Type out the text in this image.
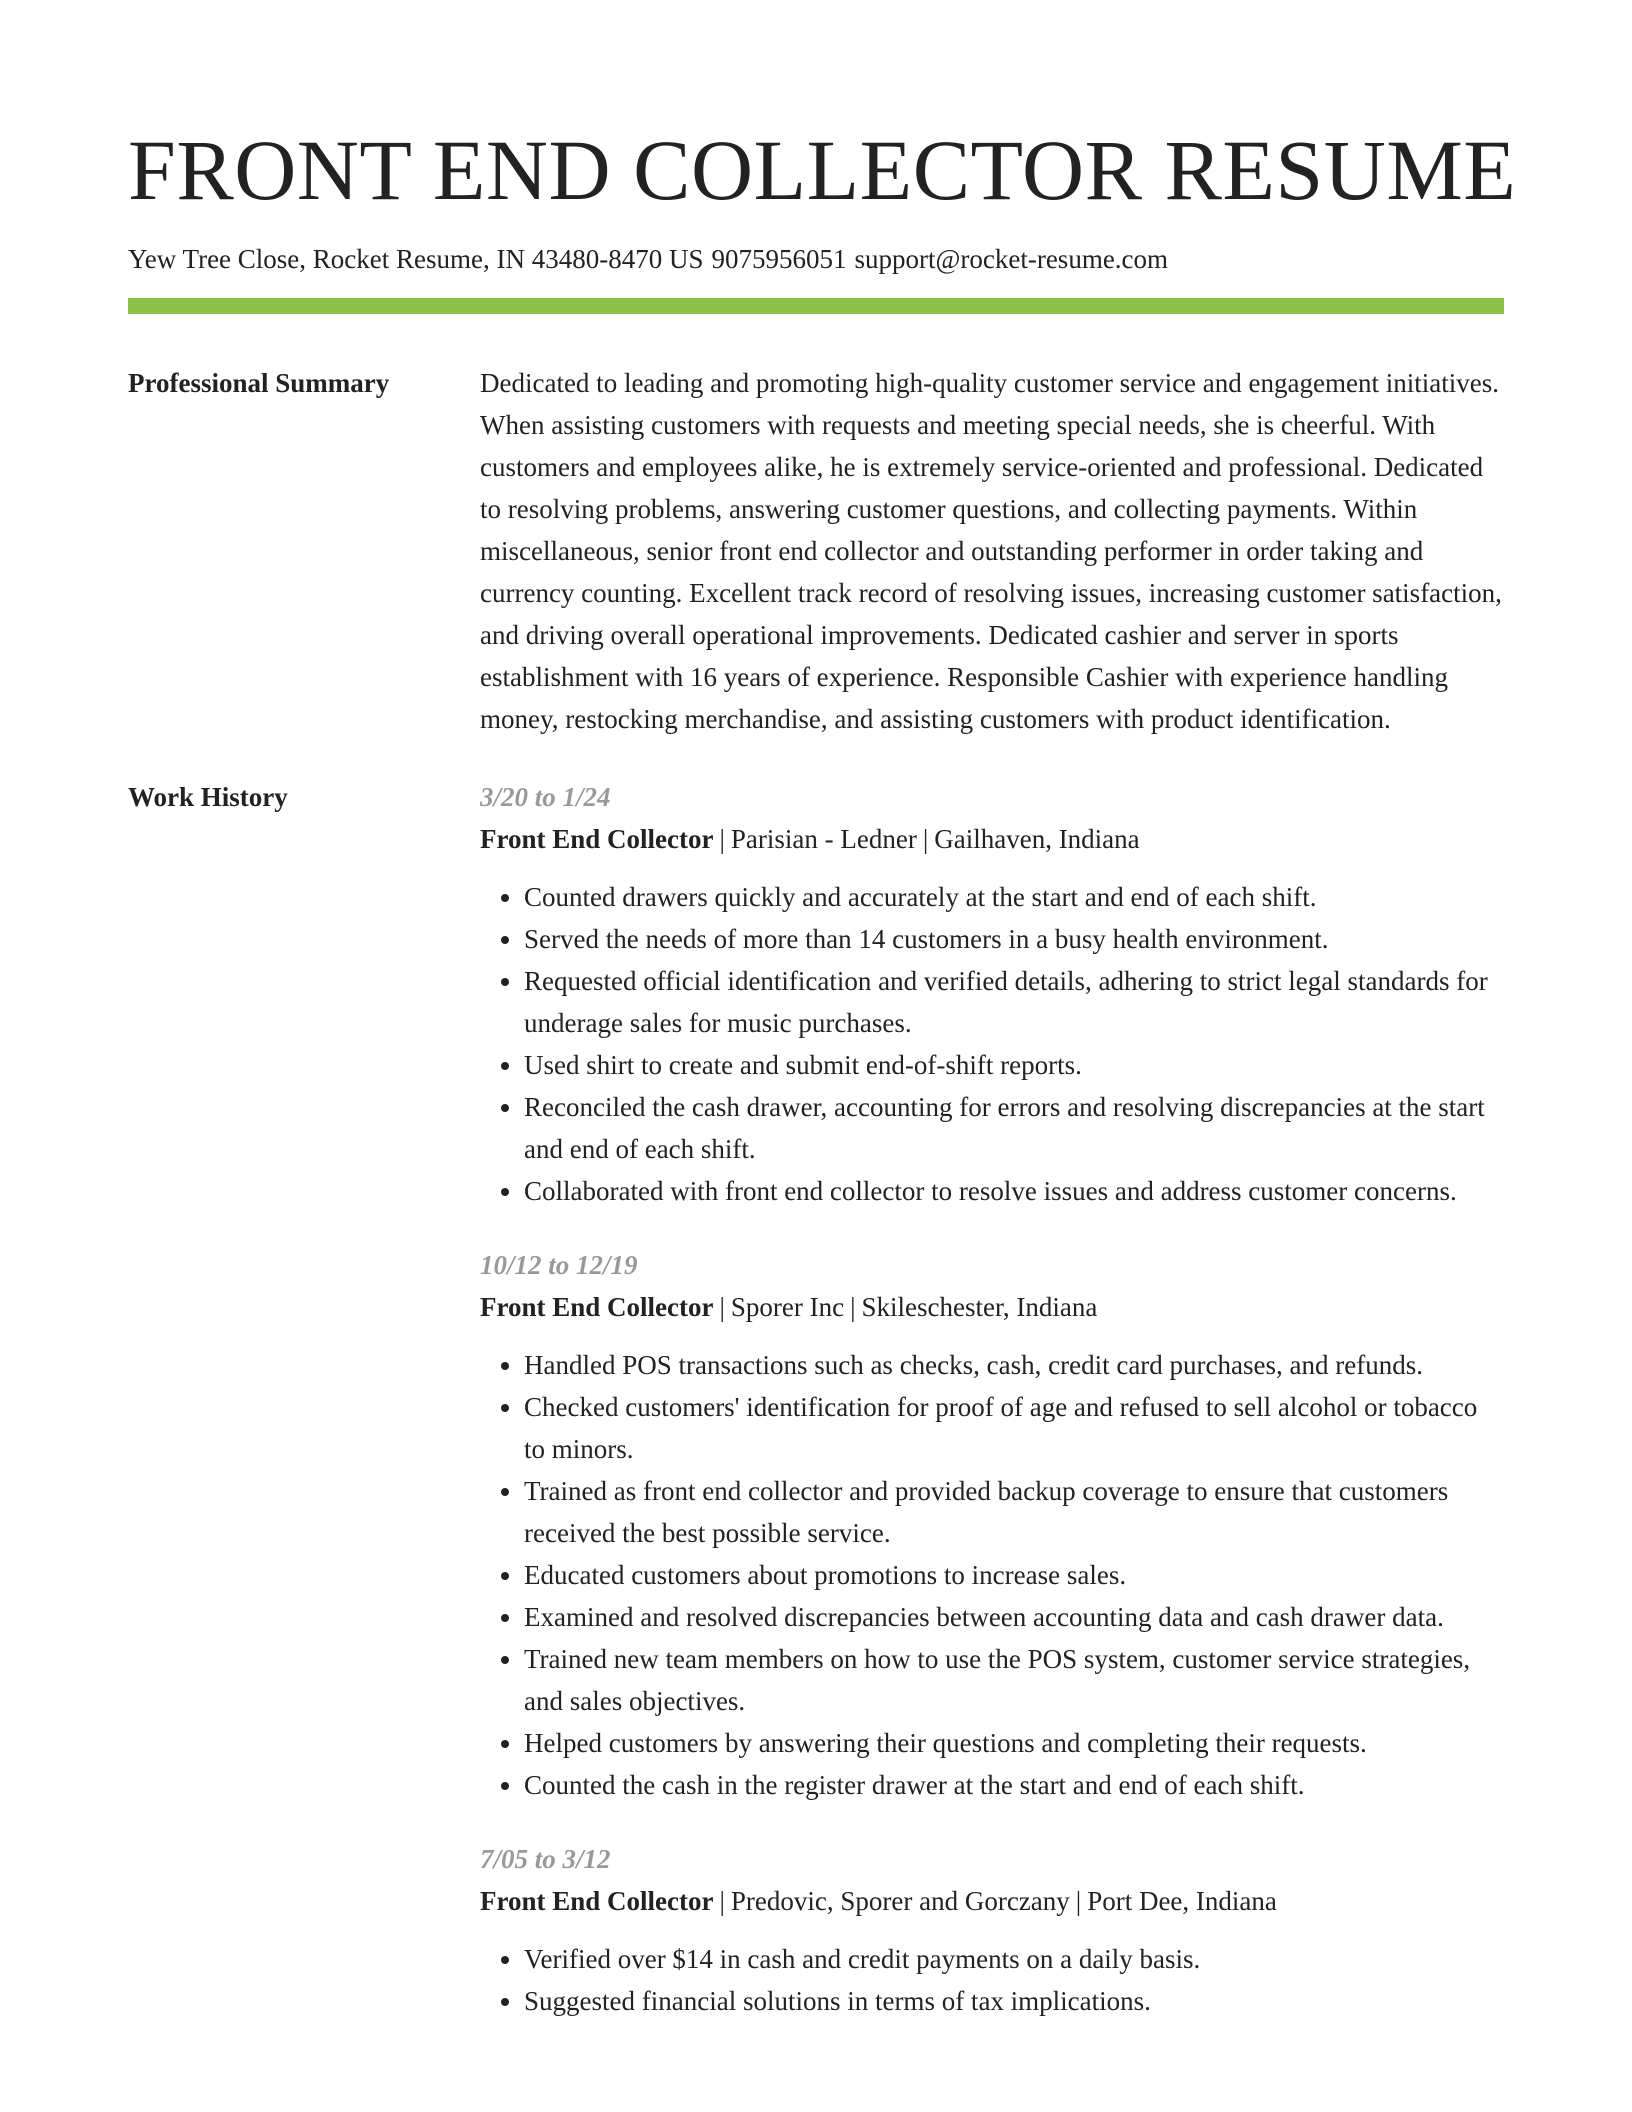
FRONT END COLLECTOR RESUME
Yew Tree Close, Rocket Resume, IN 43480-8470 US 9075956051 support@rocket-resume.com
Professional Summary	Dedicated to leading and promoting high-quality customer service and engagement initiatives. When assisting customers with requests and meeting special needs, she is cheerful. With customers and employees alike, he is extremely service-oriented and professional. Dedicated to resolving problems, answering customer questions, and collecting payments. Within miscellaneous, senior front end collector and outstanding performer in order taking and currency counting. Excellent track record of resolving issues, increasing customer satisfaction, and driving overall operational improvements. Dedicated cashier and server in sports establishment with 16 years of experience. Responsible Cashier with experience handling money, restocking merchandise, and assisting customers with product identification.

Work History	3/20 to 1/24
Front End Collector | Parisian - Ledner | Gailhaven, Indiana
• Counted drawers quickly and accurately at the start and end of each shift.
• Served the needs of more than 14 customers in a busy health environment.
• Requested official identification and verified details, adhering to strict legal standards for underage sales for music purchases.
• Used shirt to create and submit end-of-shift reports.
• Reconciled the cash drawer, accounting for errors and resolving discrepancies at the start and end of each shift.
• Collaborated with front end collector to resolve issues and address customer concerns.
10/12 to 12/19
Front End Collector | Sporer Inc | Skileschester, Indiana
• Handled POS transactions such as checks, cash, credit card purchases, and refunds.
• Checked customers' identification for proof of age and refused to sell alcohol or tobacco to minors.
• Trained as front end collector and provided backup coverage to ensure that customers received the best possible service.
• Educated customers about promotions to increase sales.
• Examined and resolved discrepancies between accounting data and cash drawer data.
• Trained new team members on how to use the POS system, customer service strategies, and sales objectives.
• Helped customers by answering their questions and completing their requests.
• Counted the cash in the register drawer at the start and end of each shift.
7/05 to 3/12
Front End Collector | Predovic, Sporer and Gorczany | Port Dee, Indiana
• Verified over $14 in cash and credit payments on a daily basis.
• Suggested financial solutions in terms of tax implications.
